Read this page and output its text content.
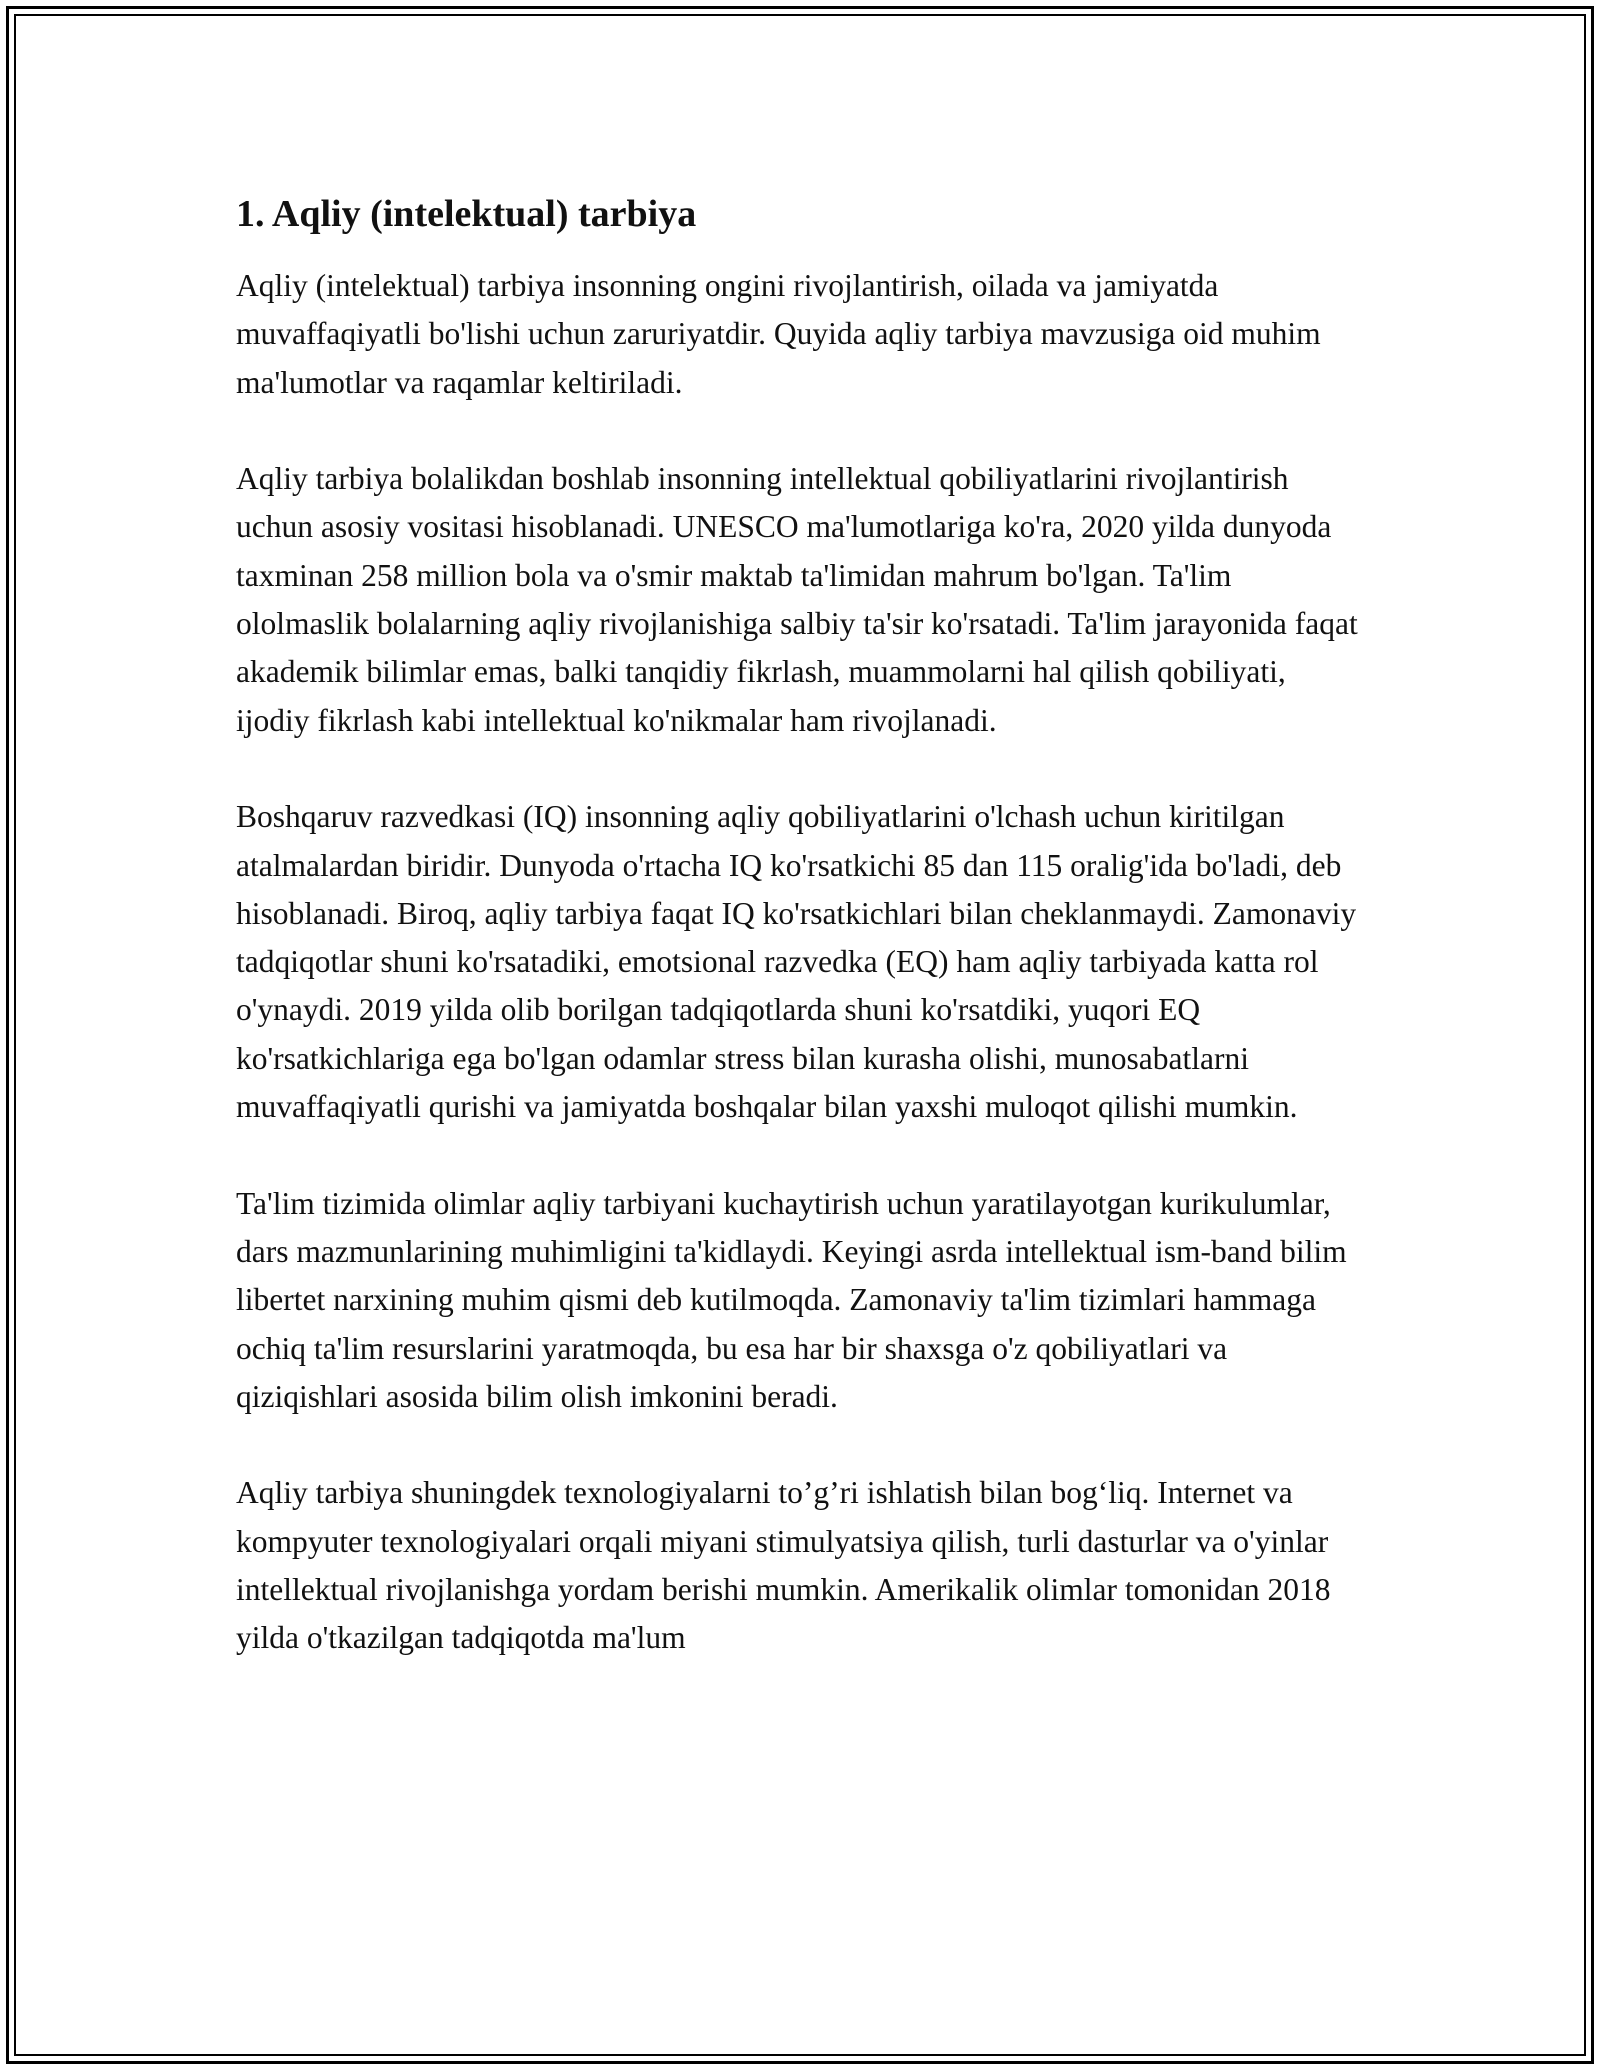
1. Aqliy (intelektual) tarbiya

Aqliy (intelektual) tarbiya insonning ongini rivojlantirish, oilada va jamiyatda muvaffaqiyatli bo'lishi uchun zaruriyatdir. Quyida aqliy tarbiya mavzusiga oid muhim ma'lumotlar va raqamlar keltiriladi.

Aqliy tarbiya bolalikdan boshlab insonning intellektual qobiliyatlarini rivojlantirish uchun asosiy vositasi hisoblanadi. UNESCO ma'lumotlariga ko'ra, 2020 yilda dunyoda taxminan 258 million bola va o'smir maktab ta'limidan mahrum bo'lgan. Ta'lim ololmaslik bolalarning aqliy rivojlanishiga salbiy ta'sir ko'rsatadi. Ta'lim jarayonida faqat akademik bilimlar emas, balki tanqidiy fikrlash, muammolarni hal qilish qobiliyati, ijodiy fikrlash kabi intellektual ko'nikmalar ham rivojlanadi.

Boshqaruv razvedkasi (IQ) insonning aqliy qobiliyatlarini o'lchash uchun kiritilgan atalmalardan biridir. Dunyoda o'rtacha IQ ko'rsatkichi 85 dan 115 oralig'ida bo'ladi, deb hisoblanadi. Biroq, aqliy tarbiya faqat IQ ko'rsatkichlari bilan cheklanmaydi. Zamonaviy tadqiqotlar shuni ko'rsatadiki, emotsional razvedka (EQ) ham aqliy tarbiyada katta rol o'ynaydi. 2019 yilda olib borilgan tadqiqotlarda shuni ko'rsatdiki, yuqori EQ ko'rsatkichlariga ega bo'lgan odamlar stress bilan kurasha olishi, munosabatlarni muvaffaqiyatli qurishi va jamiyatda boshqalar bilan yaxshi muloqot qilishi mumkin.

Ta'lim tizimida olimlar aqliy tarbiyani kuchaytirish uchun yaratilayotgan kurikulumlar, dars mazmunlarining muhimligini ta'kidlaydi. Keyingi asrda intellektual ism-band bilim libertet narxining muhim qismi deb kutilmoqda. Zamonaviy ta'lim tizimlari hammaga ochiq ta'lim resurslarini yaratmoqda, bu esa har bir shaxsga o'z qobiliyatlari va qiziqishlari asosida bilim olish imkonini beradi.

Aqliy tarbiya shuningdek texnologiyalarni to’g’ri ishlatish bilan bog‘liq. Internet va kompyuter texnologiyalari orqali miyani stimulyatsiya qilish, turli dasturlar va o'yinlar intellektual rivojlanishga yordam berishi mumkin. Amerikalik olimlar tomonidan 2018 yilda o'tkazilgan tadqiqotda ma'lum
